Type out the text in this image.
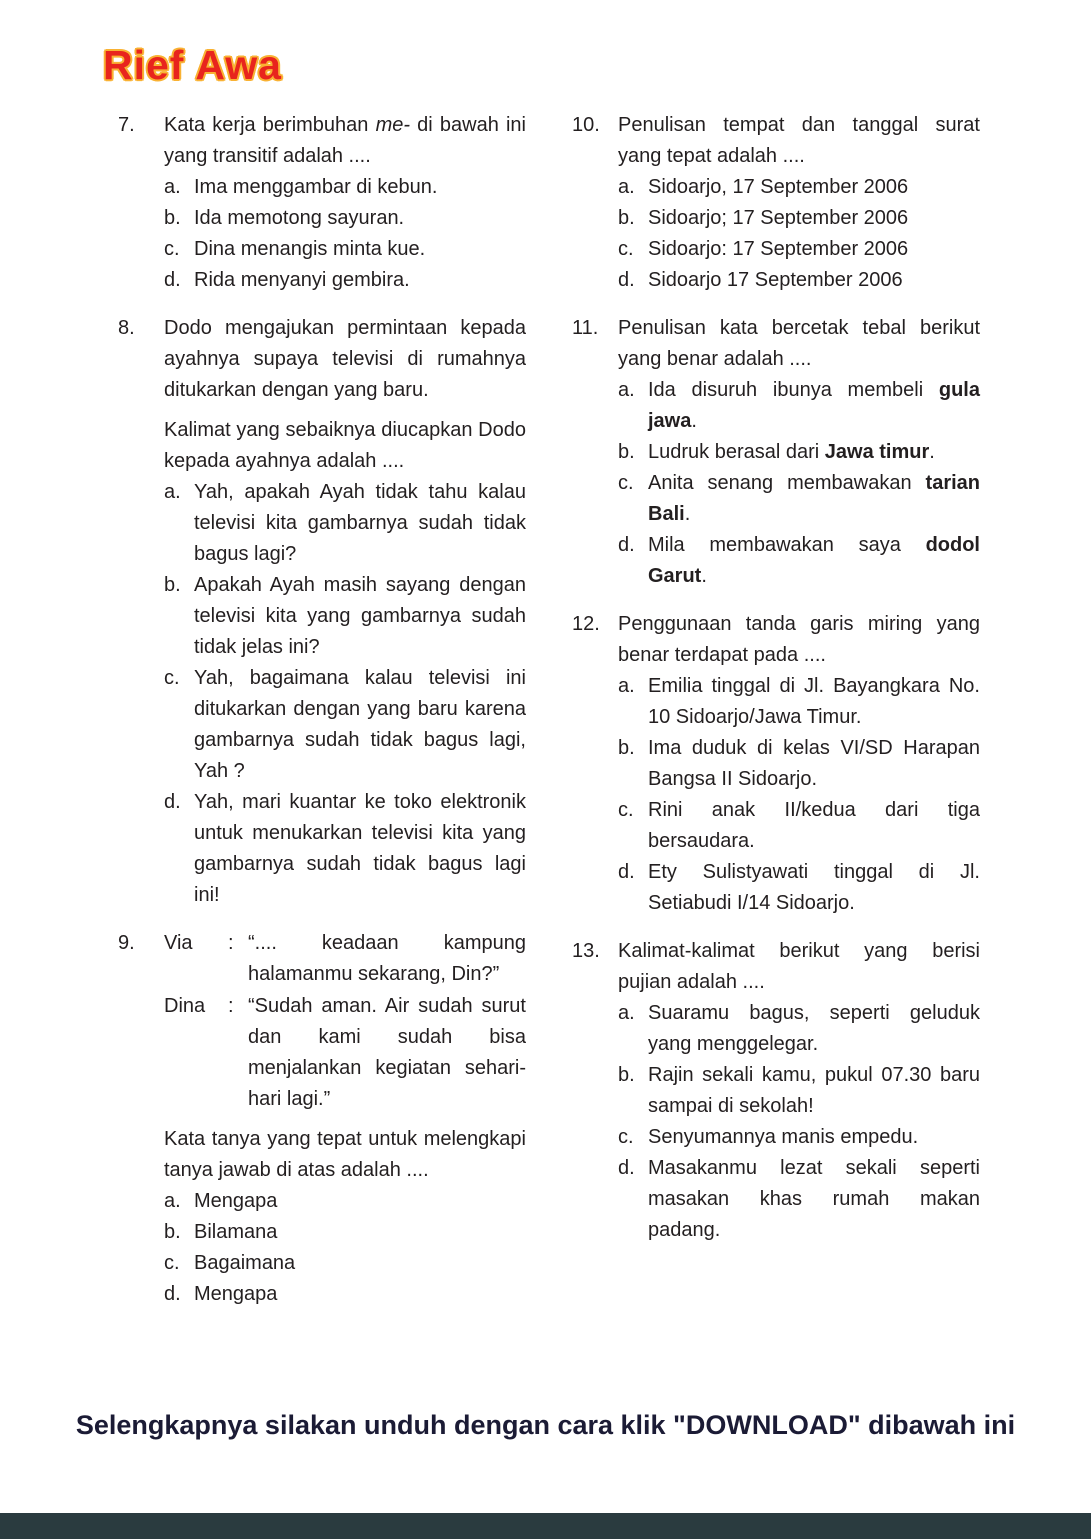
Rief Awa
7.	Kata kerja berimbuhan me- di bawah ini yang transitif adalah ....

a. Ima menggambar di kebun.
b. Ida memotong sayuran.
c. Dina menangis minta kue.
d. Rida menyanyi gembira.
8.	Dodo mengajukan permintaan kepada ayahnya supaya televisi di rumahnya ditukarkan dengan yang baru.

Kalimat yang sebaiknya diucapkan Dodo kepada ayahnya adalah ....

a. Yah, apakah Ayah tidak tahu kalau televisi kita gambarnya sudah tidak bagus lagi?
b. Apakah Ayah masih sayang dengan televisi kita yang gambarnya sudah tidak jelas ini?
c. Yah, bagaimana kalau televisi ini ditukarkan dengan yang baru karena gambarnya sudah tidak bagus lagi, Yah ?
d. Yah, mari kuantar ke toko elektronik untuk menukarkan televisi kita yang gambarnya sudah tidak bagus lagi ini!
9.	Via	: “.... keadaan kampung halamanmu sekarang, Din?”
Dina	: “Sudah aman. Air sudah surut dan kami sudah bisa menjalankan kegiatan sehari-hari lagi.”

Kata tanya yang tepat untuk melengkapi tanya jawab di atas adalah ....

a. Mengapa
b. Bilamana
c. Bagaimana
d. Mengapa
10. Penulisan tempat dan tanggal surat yang tepat adalah ....

a. Sidoarjo, 17 September 2006
b. Sidoarjo; 17 September 2006
c. Sidoarjo: 17 September 2006
d. Sidoarjo 17 September 2006
11. Penulisan kata bercetak tebal berikut yang benar adalah ....

a. Ida disuruh ibunya membeli gula jawa.
b. Ludruk berasal dari Jawa timur.
c. Anita senang membawakan tarian Bali.
d. Mila membawakan saya dodol Garut.
12. Penggunaan tanda garis miring yang benar terdapat pada ....

a. Emilia tinggal di Jl. Bayangkara No. 10 Sidoarjo/Jawa Timur.
b. Ima duduk di kelas VI/SD Harapan Bangsa II Sidoarjo.
c. Rini anak II/kedua dari tiga bersaudara.
d. Ety Sulistyawati tinggal di Jl. Setiabudi I/14 Sidoarjo.
13. Kalimat-kalimat berikut yang berisi pujian adalah ....

a. Suaramu bagus, seperti geluduk yang menggelegar.
b. Rajin sekali kamu, pukul 07.30 baru sampai di sekolah!
c. Senyumannya manis empedu.
d. Masakanmu lezat sekali seperti masakan khas rumah makan padang.
Selengkapnya silakan unduh dengan cara klik "DOWNLOAD" dibawah ini
